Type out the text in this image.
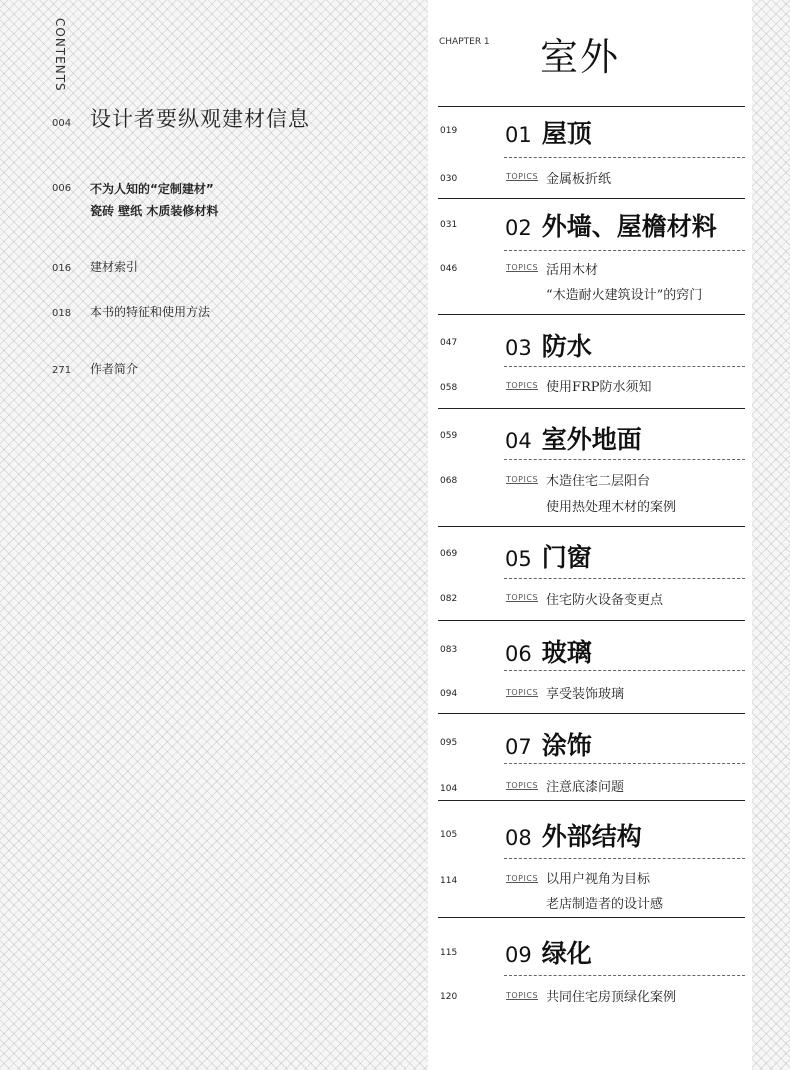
CONTENTS
004 设计者要纵观建材信息
006	不为人知的“定制建材”
瓷砖 壁纸 木质装修材料
016	建材索引
018	本书的特征和使用方法
271	作者简介
CHAPTER 1 室外
019 01 屋顶
030	TOPICS 金属板折纸
031 02 外墙、屋檐材料
046	TOPICS 活用木材
“木造耐火建筑设计”的窍门
047 03 防水
058	TOPICS 使用FRP防水须知
059 04 室外地面
068	TOPICS 木造住宅二层阳台
使用热处理木材的案例
069 05 门窗
082	TOPICS 住宅防火设备变更点
083 06 玻璃
094	TOPICS 享受装饰玻璃
095 07 涂饰
104	TOPICS 注意底漆问题
105 08 外部结构
114	TOPICS 以用户视角为目标
老店制造者的设计感
115 09 绿化
120	TOPICS 共同住宅房顶绿化案例
